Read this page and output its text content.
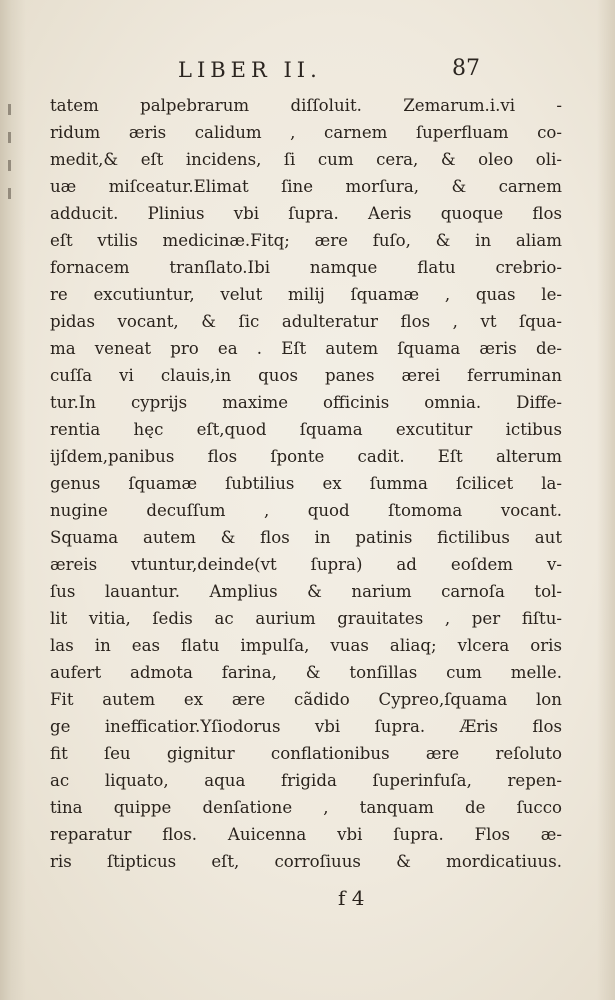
LIBER II.	87
tatem palpebrarum diſſoluit. Zemarum.i.vi -
ridum æris calidum , carnem ſuperfluam co-
medit,& eſt incidens, ſi cum cera, & oleo oli-
uæ miſceatur.Elimat ſine morſura, & carnem
adducit. Plinius vbi ſupra. Aeris quoque flos
eſt vtilis medicinæ.Fitq; ære fuſo, & in aliam
fornacem tranſlato.Ibi namque flatu crebrio-
re excutiuntur, velut milij ſquamæ , quas le-
pidas vocant, & ſic adulteratur flos , vt ſqua-
ma veneat pro ea . Eſt autem ſquama æris de-
cuſſa vi clauis,in quos panes ærei ferruminan
tur.In cyprijs maxime officinis omnia. Diffe-
rentia hęc eſt,quod ſquama excutitur ictibus
ijſdem,panibus flos ſponte cadit. Eſt alterum
genus ſquamæ ſubtilius ex ſumma ſcilicet la-
nugine decuſſum , quod ſtomoma vocant.
Squama autem & flos in patinis fictilibus aut
æreis vtuntur,deinde(vt ſupra) ad eoſdem v-
ſus lauantur. Amplius & narium carnoſa tol-
lit vitia, ſedis ac aurium grauitates , per fiſtu-
las in eas flatu impulſa, vuas aliaq; vlcera oris
aufert admota farina, & tonſillas cum melle.
Fit autem ex ære cãdido Cypreo,ſquama lon
ge inefficatior.Yſiodorus vbi ſupra. Æris flos
fit ſeu gignitur conflationibus ære reſoluto
ac liquato, aqua frigida ſuperinfuſa, repen-
tina quippe denſatione , tanquam de ſucco
reparatur flos. Auicenna vbi ſupra. Flos æ-
ris ſtipticus eſt, corroſiuus & mordicatiuus.
f 4
